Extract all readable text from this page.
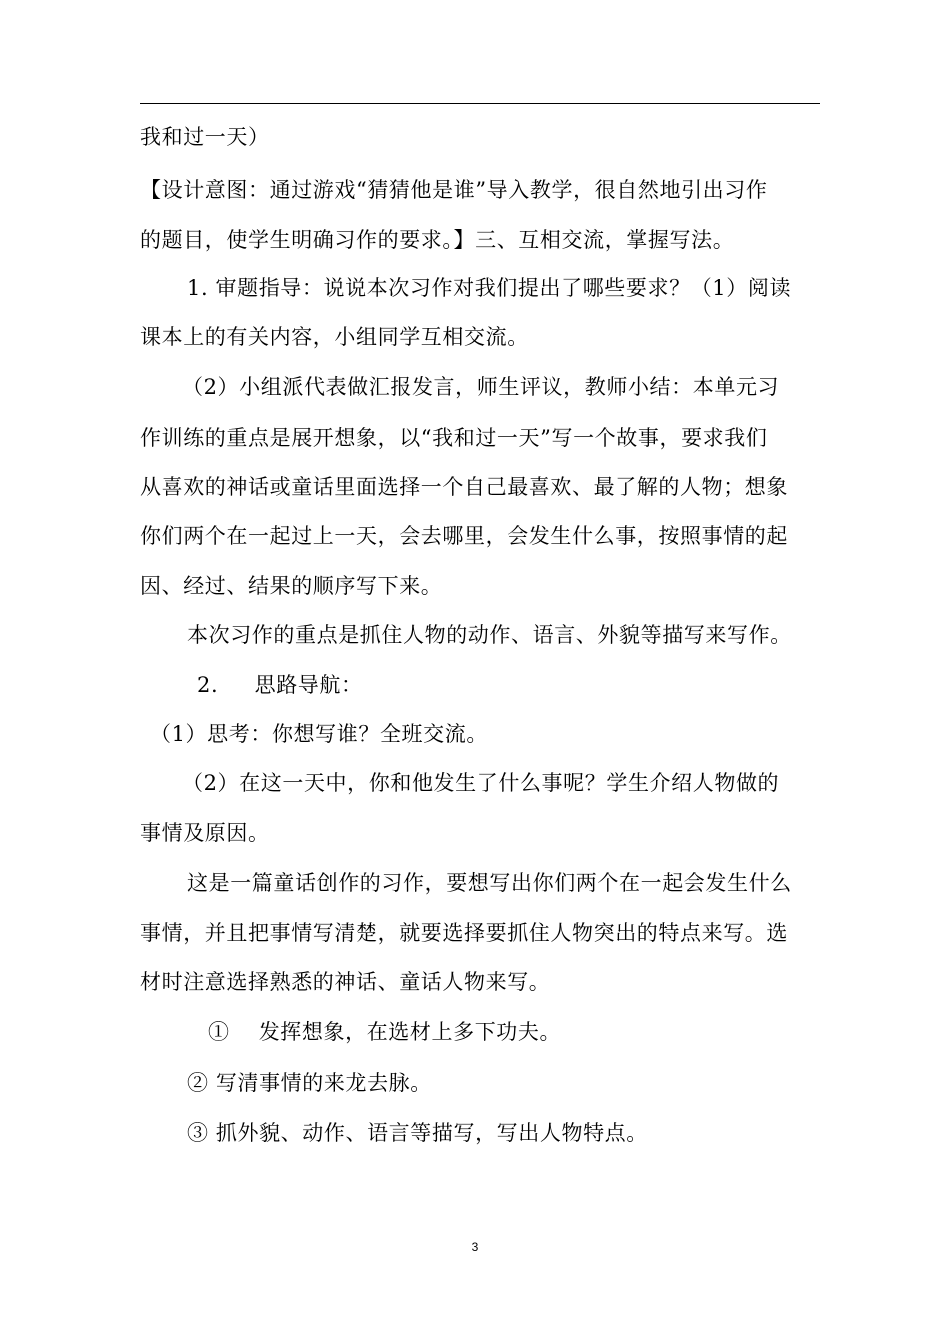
我和过一天）
【设计意图：通过游戏“猜猜他是谁”导入教学，很自然地引出习作
的题目，使学生明确习作的要求。】三、互相交流，掌握写法。
1. 审题指导：说说本次习作对我们提出了哪些要求？（1）阅读
课本上的有关内容，小组同学互相交流。
（2）小组派代表做汇报发言，师生评议，教师小结：本单元习
作训练的重点是展开想象，以“我和过一天”写一个故事，要求我们
从喜欢的神话或童话里面选择一个自己最喜欢、最了解的人物；想象
你们两个在一起过上一天，会去哪里，会发生什么事，按照事情的起
因、经过、结果的顺序写下来。
本次习作的重点是抓住人物的动作、语言、外貌等描写来写作。
2.     思路导航：
（1）思考：你想写谁？全班交流。
（2）在这一天中，你和他发生了什么事呢？学生介绍人物做的
事情及原因。
这是一篇童话创作的习作，要想写出你们两个在一起会发生什么
事情，并且把事情写清楚，就要选择要抓住人物突出的特点来写。选
材时注意选择熟悉的神话、童话人物来写。
①    发挥想象，在选材上多下功夫。
② 写清事情的来龙去脉。
③ 抓外貌、动作、语言等描写，写出人物特点。
3
